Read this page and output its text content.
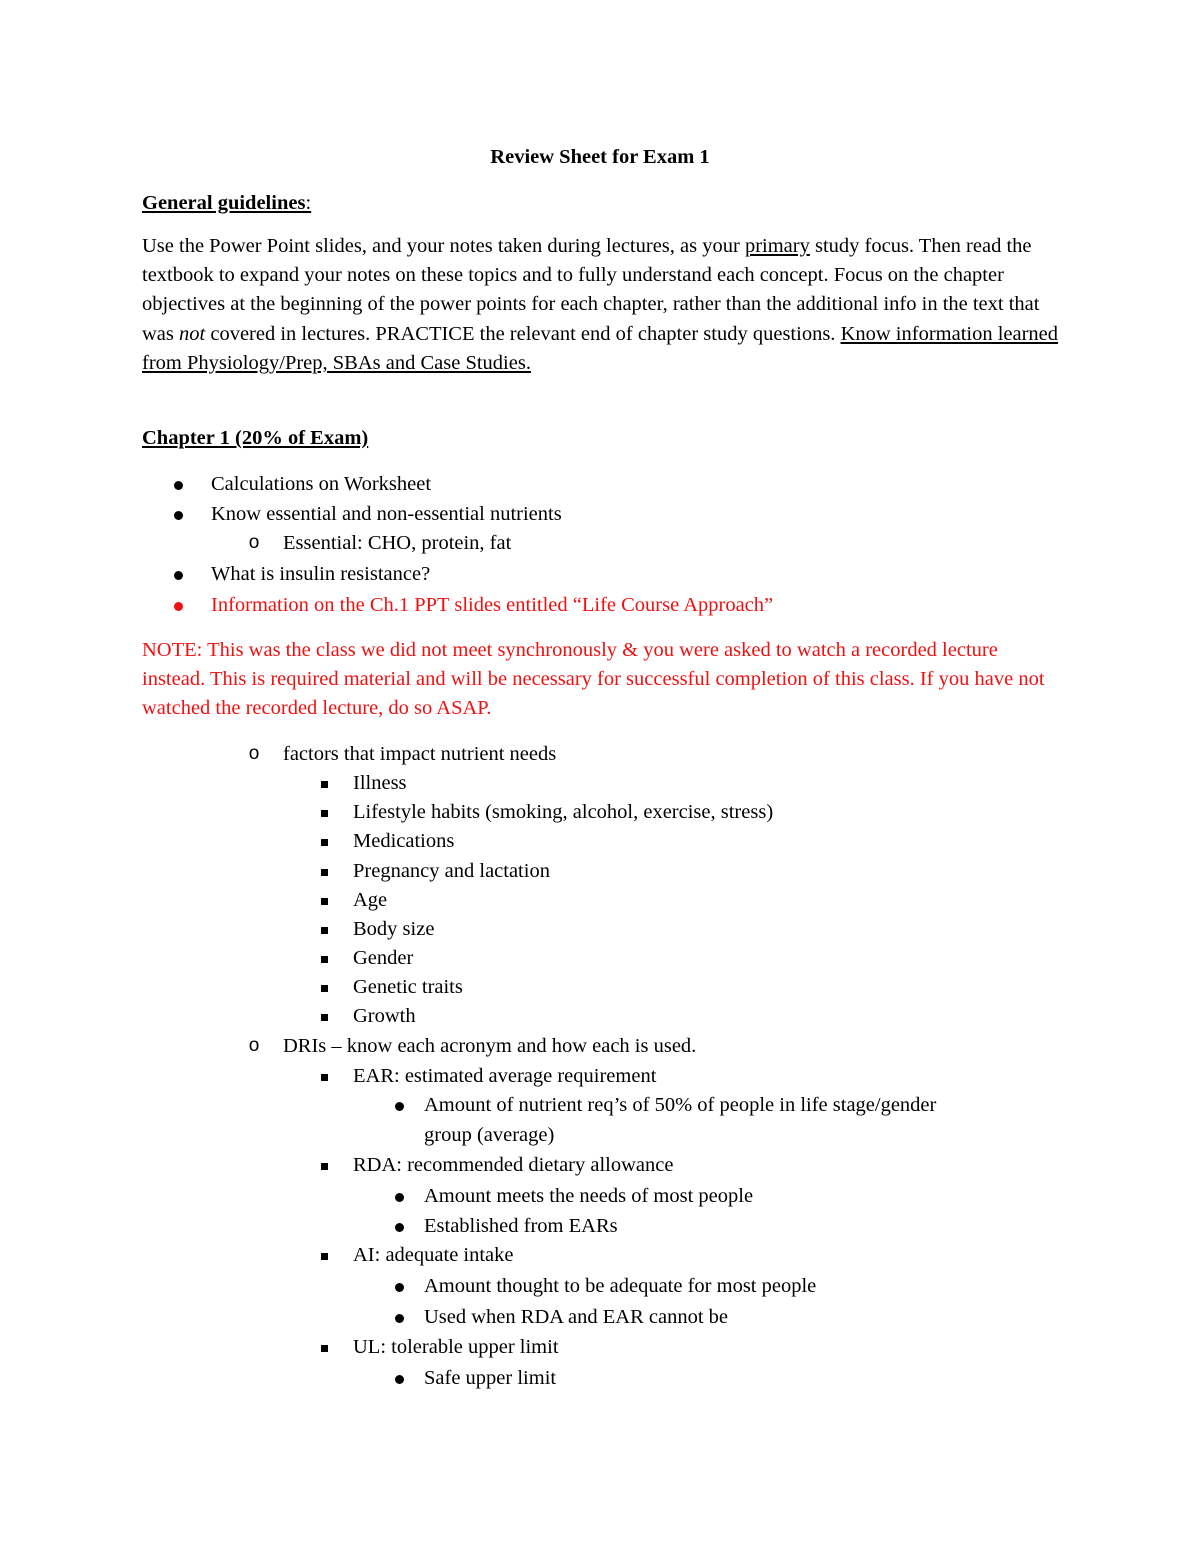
Review Sheet for Exam 1
General guidelines:
Use the Power Point slides, and your notes taken during lectures, as your primary study focus. Then read the textbook to expand your notes on these topics and to fully understand each concept. Focus on the chapter objectives at the beginning of the power points for each chapter, rather than the additional info in the text that was not covered in lectures. PRACTICE the relevant end of chapter study questions. Know information learned from Physiology/Prep, SBAs and Case Studies.
Chapter 1 (20% of Exam)
Calculations on Worksheet
Know essential and non-essential nutrients
o Essential: CHO, protein, fat
What is insulin resistance?
Information on the Ch.1 PPT slides entitled “Life Course Approach”
NOTE: This was the class we did not meet synchronously & you were asked to watch a recorded lecture instead. This is required material and will be necessary for successful completion of this class. If you have not watched the recorded lecture, do so ASAP.
o factors that impact nutrient needs
Illness
Lifestyle habits (smoking, alcohol, exercise, stress)
Medications
Pregnancy and lactation
Age
Body size
Gender
Genetic traits
Growth
o DRIs – know each acronym and how each is used.
EAR: estimated average requirement
Amount of nutrient req’s of 50% of people in life stage/gender
group (average)
RDA: recommended dietary allowance
Amount meets the needs of most people
Established from EARs
AI: adequate intake
Amount thought to be adequate for most people
Used when RDA and EAR cannot be
UL: tolerable upper limit
Safe upper limit
